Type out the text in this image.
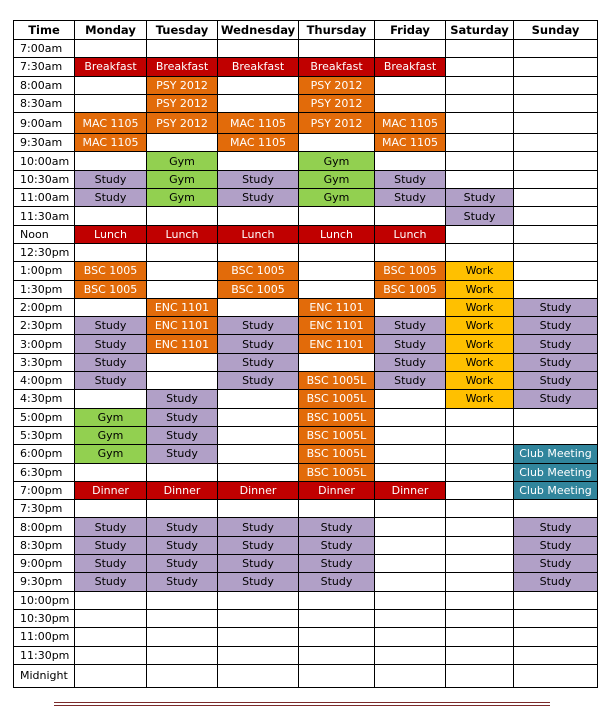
Time	Monday	Tuesday	Wednesday	Thursday	Friday	Saturday	Sunday
7:00am							
7:30am	Breakfast	Breakfast	Breakfast	Breakfast	Breakfast		
8:00am		PSY 2012		PSY 2012			
8:30am		PSY 2012		PSY 2012			
9:00am	MAC 1105	PSY 2012	MAC 1105	PSY 2012	MAC 1105		
9:30am	MAC 1105		MAC 1105		MAC 1105		
10:00am		Gym		Gym			
10:30am	Study	Gym	Study	Gym	Study		
11:00am	Study	Gym	Study	Gym	Study	Study	
11:30am						Study	
Noon	Lunch	Lunch	Lunch	Lunch	Lunch		
12:30pm							
1:00pm	BSC 1005		BSC 1005		BSC 1005	Work	
1:30pm	BSC 1005		BSC 1005		BSC 1005	Work	
2:00pm		ENC 1101		ENC 1101		Work	Study
2:30pm	Study	ENC 1101	Study	ENC 1101	Study	Work	Study
3:00pm	Study	ENC 1101	Study	ENC 1101	Study	Work	Study
3:30pm	Study		Study		Study	Work	Study
4:00pm	Study		Study	BSC 1005L	Study	Work	Study
4:30pm		Study		BSC 1005L		Work	Study
5:00pm	Gym	Study		BSC 1005L			
5:30pm	Gym	Study		BSC 1005L			
6:00pm	Gym	Study		BSC 1005L			Club Meeting
6:30pm				BSC 1005L			Club Meeting
7:00pm	Dinner	Dinner	Dinner	Dinner	Dinner		Club Meeting
7:30pm							
8:00pm	Study	Study	Study	Study			Study
8:30pm	Study	Study	Study	Study			Study
9:00pm	Study	Study	Study	Study			Study
9:30pm	Study	Study	Study	Study			Study
10:00pm							
10:30pm							
11:00pm							
11:30pm							
Midnight							
